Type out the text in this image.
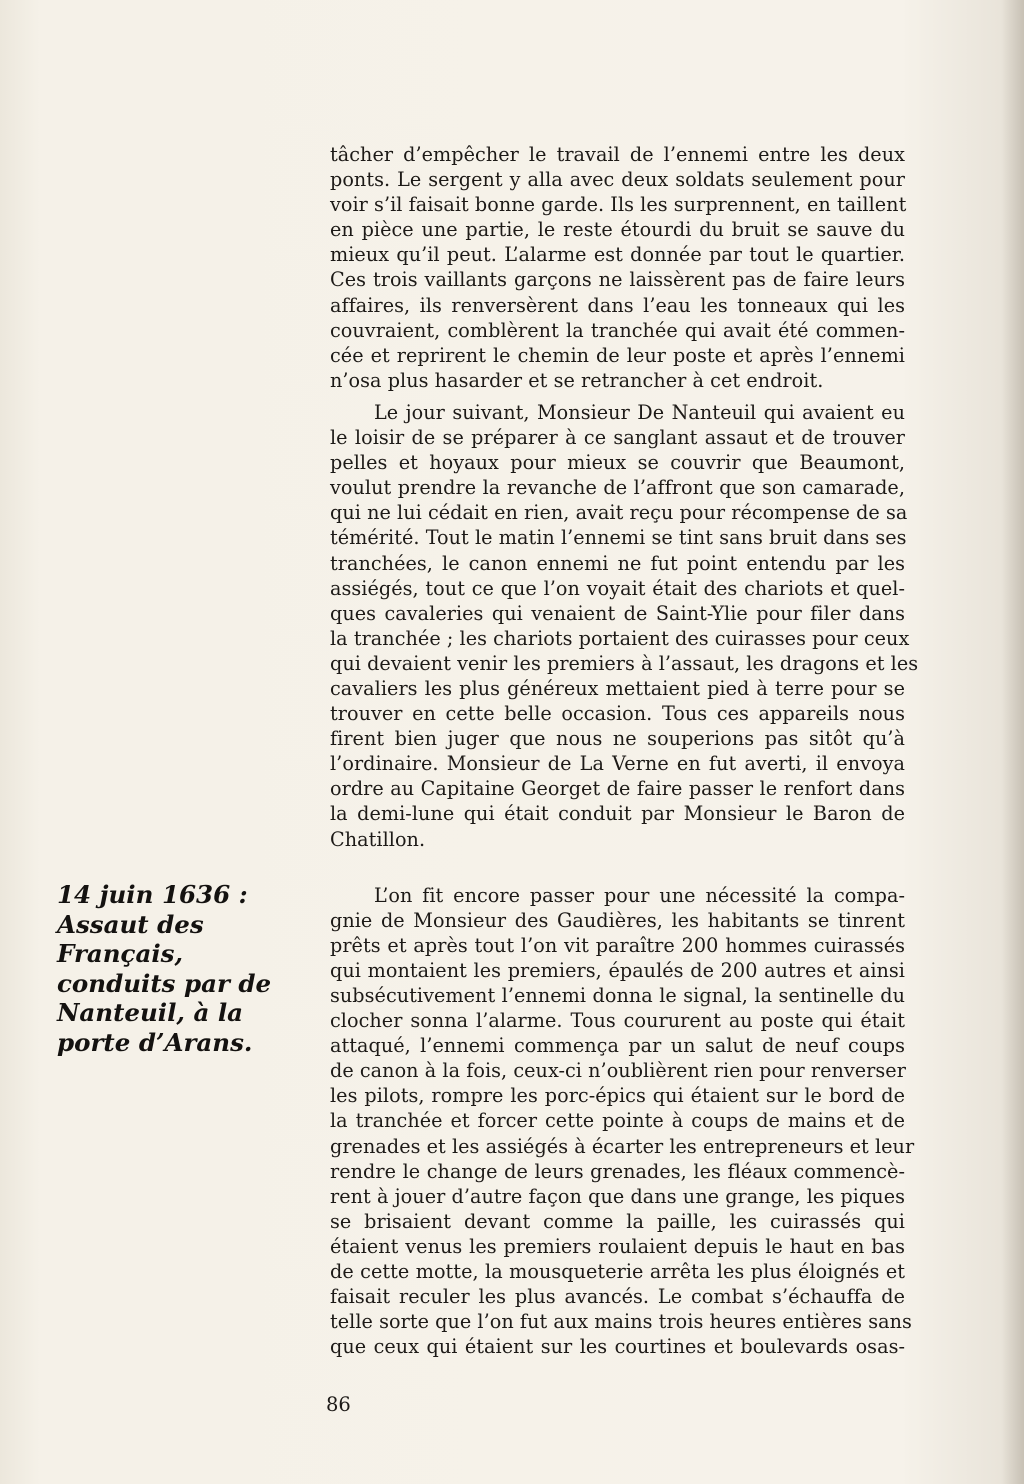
14 juin 1636 :
Assaut des
Français,
conduits par de
Nanteuil, à la
porte d’Arans.
tâcher d’empêcher le travail de l’ennemi entre les deux
ponts. Le sergent y alla avec deux soldats seulement pour
voir s’il faisait bonne garde. Ils les surprennent, en taillent
en pièce une partie, le reste étourdi du bruit se sauve du
mieux qu’il peut. L’alarme est donnée par tout le quartier.
Ces trois vaillants garçons ne laissèrent pas de faire leurs
affaires, ils renversèrent dans l’eau les tonneaux qui les
couvraient, comblèrent la tranchée qui avait été commen-
cée et reprirent le chemin de leur poste et après l’ennemi
n’osa plus hasarder et se retrancher à cet endroit.
Le jour suivant, Monsieur De Nanteuil qui avaient eu
le loisir de se préparer à ce sanglant assaut et de trouver
pelles et hoyaux pour mieux se couvrir que Beaumont,
voulut prendre la revanche de l’affront que son camarade,
qui ne lui cédait en rien, avait reçu pour récompense de sa
témérité. Tout le matin l’ennemi se tint sans bruit dans ses
tranchées, le canon ennemi ne fut point entendu par les
assiégés, tout ce que l’on voyait était des chariots et quel-
ques cavaleries qui venaient de Saint-Ylie pour filer dans
la tranchée ; les chariots portaient des cuirasses pour ceux
qui devaient venir les premiers à l’assaut, les dragons et les
cavaliers les plus généreux mettaient pied à terre pour se
trouver en cette belle occasion. Tous ces appareils nous
firent bien juger que nous ne souperions pas sitôt qu’à
l’ordinaire. Monsieur de La Verne en fut averti, il envoya
ordre au Capitaine Georget de faire passer le renfort dans
la demi-lune qui était conduit par Monsieur le Baron de
Chatillon.
L’on fit encore passer pour une nécessité la compa-
gnie de Monsieur des Gaudières, les habitants se tinrent
prêts et après tout l’on vit paraître 200 hommes cuirassés
qui montaient les premiers, épaulés de 200 autres et ainsi
subsécutivement l’ennemi donna le signal, la sentinelle du
clocher sonna l’alarme. Tous coururent au poste qui était
attaqué, l’ennemi commença par un salut de neuf coups
de canon à la fois, ceux-ci n’oublièrent rien pour renverser
les pilots, rompre les porc-épics qui étaient sur le bord de
la tranchée et forcer cette pointe à coups de mains et de
grenades et les assiégés à écarter les entrepreneurs et leur
rendre le change de leurs grenades, les fléaux commencè-
rent à jouer d’autre façon que dans une grange, les piques
se brisaient devant comme la paille, les cuirassés qui
étaient venus les premiers roulaient depuis le haut en bas
de cette motte, la mousqueterie arrêta les plus éloignés et
faisait reculer les plus avancés. Le combat s’échauffa de
telle sorte que l’on fut aux mains trois heures entières sans
que ceux qui étaient sur les courtines et boulevards osas-
86
